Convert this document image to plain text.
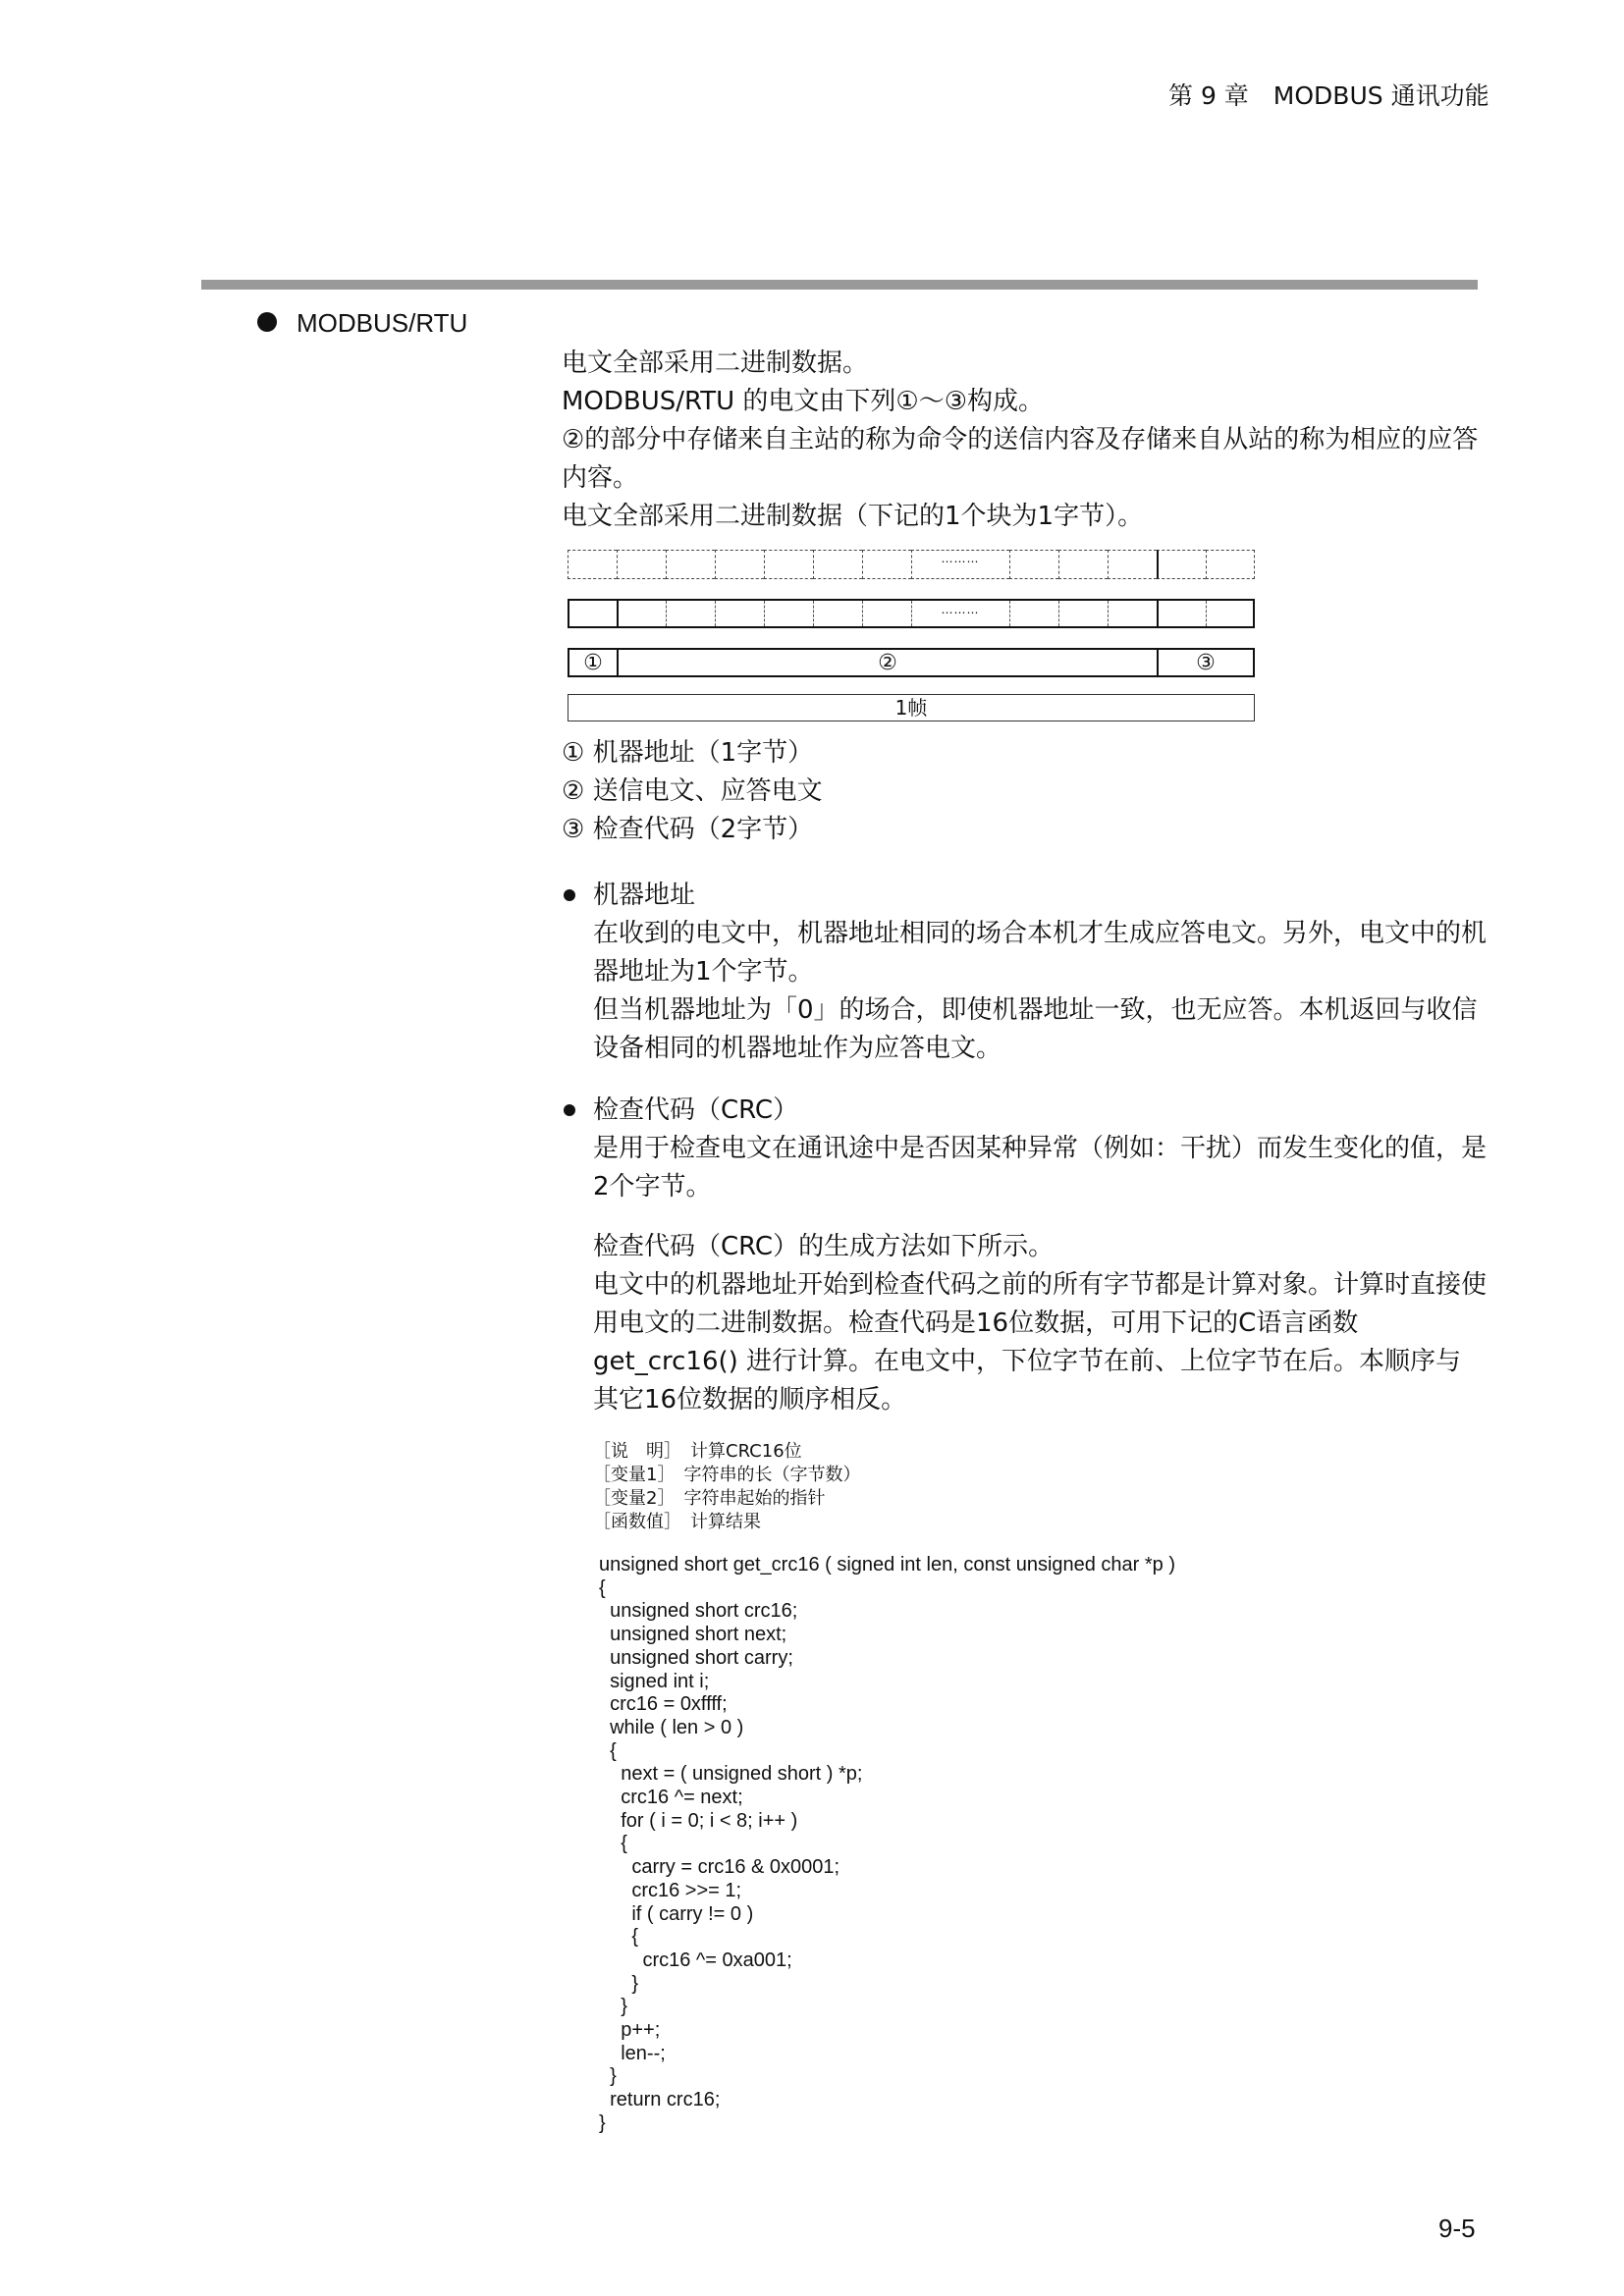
第 9 章　MODBUS 通讯功能
MODBUS/RTU
电文全部采用二进制数据。
MODBUS/RTU 的电文由下列①～③构成。
②的部分中存储来自主站的称为命令的送信内容及存储来自从站的称为相应的应答内容。
电文全部采用二进制数据（下记的1个块为1字节）。
………
………
①	②	③
1帧
① 机器地址（1字节）
② 送信电文、应答电文
③ 检查代码（2字节）
机器地址
在收到的电文中，机器地址相同的场合本机才生成应答电文。另外，电文中的机器地址为1个字节。
但当机器地址为「0」的场合，即使机器地址一致，也无应答。本机返回与收信设备相同的机器地址作为应答电文。
检查代码（CRC）
是用于检查电文在通讯途中是否因某种异常（例如：干扰）而发生变化的值，是2个字节。
检查代码（CRC）的生成方法如下所示。
电文中的机器地址开始到检查代码之前的所有字节都是计算对象。计算时直接使用电文的二进制数据。检查代码是16位数据，可用下记的C语言函数 get_crc16() 进行计算。在电文中，下位字节在前、上位字节在后。本顺序与其它16位数据的顺序相反。
［说　明］　计算CRC16位
［变量1］　字符串的长（字节数）
［变量2］　字符串起始的指针
［函数值］　计算结果
unsigned short get_crc16 ( signed int len, const unsigned char *p )
{
unsigned short crc16;
unsigned short next;
unsigned short carry;
signed int i;
crc16 = 0xffff;
while ( len > 0 )
{
next = ( unsigned short ) *p;
crc16 ^= next;
for ( i = 0; i < 8; i++ )
{
carry = crc16 & 0x0001;
crc16 >>= 1;
if ( carry != 0 )
{
crc16 ^= 0xa001;
}
}
p++;
len--;
}
return crc16;
}
9-5
